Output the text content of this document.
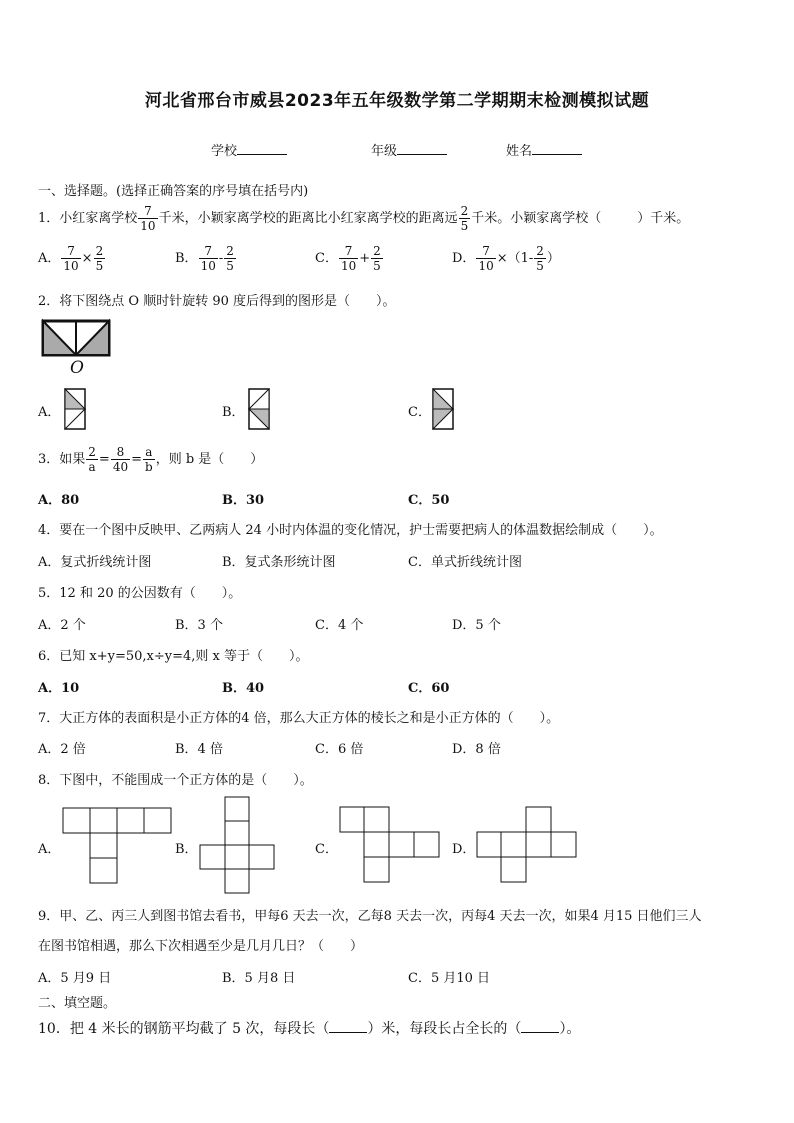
河北省邢台市威县2023年五年级数学第二学期期末检测模拟试题
学校	年级	姓名
一、选择题。(选择正确答案的序号填在括号内)
1．小红家离学校 $\frac{7}{10}$ 千米，小颖家离学校的距离比小红家离学校的距离远 $\frac{2}{5}$ 千米。小颖家离学校（	）千米。
A． $\frac{7}{10} \times \frac{2}{5}$	B． $\frac{7}{10} - \frac{2}{5}$	C． $\frac{7}{10} + \frac{2}{5}$	D． $\frac{7}{10} \times(1- \frac{2}{5}$ ）
2．将下图绕点 O 顺时针旋转 90 度后得到的图形是（　　）。
O
A．	B．	C．
3．如果 $\frac{2}{a} = \frac{8}{40} = \frac{a}{b}$ ，则 b 是（　　）
A．80	B．30	C．50
4．要在一个图中反映甲、乙两病人 24 小时内体温的变化情况，护士需要把病人的体温数据绘制成（　　）。
A．复式折线统计图	B．复式条形统计图	C．单式折线统计图
5．12 和 20 的公因数有（　　）。
A．2 个	B．3 个	C．4 个	D．5 个
6．已知 x+y=50,x÷y=4,则 x 等于（　　）。
A．10	B．40	C．60
7．大正方体的表面积是小正方体的4 倍，那么大正方体的棱长之和是小正方体的（　　）。
A．2 倍	B．4 倍	C．6 倍	D．8 倍
8．下图中，不能围成一个正方体的是（　　）。
A．	B．	C．	D．
9．甲、乙、丙三人到图书馆去看书，甲每6 天去一次，乙每8 天去一次，丙每4 天去一次，如果4 月15 日他们三人
在图书馆相遇，那么下次相遇至少是几月几日？（　　）
A．5 月9 日	B．5 月8 日	C．5 月10 日
二、填空题。
10．把 4 米长的钢筋平均截了 5 次，每段长（	）米，每段长占全长的（	）。
